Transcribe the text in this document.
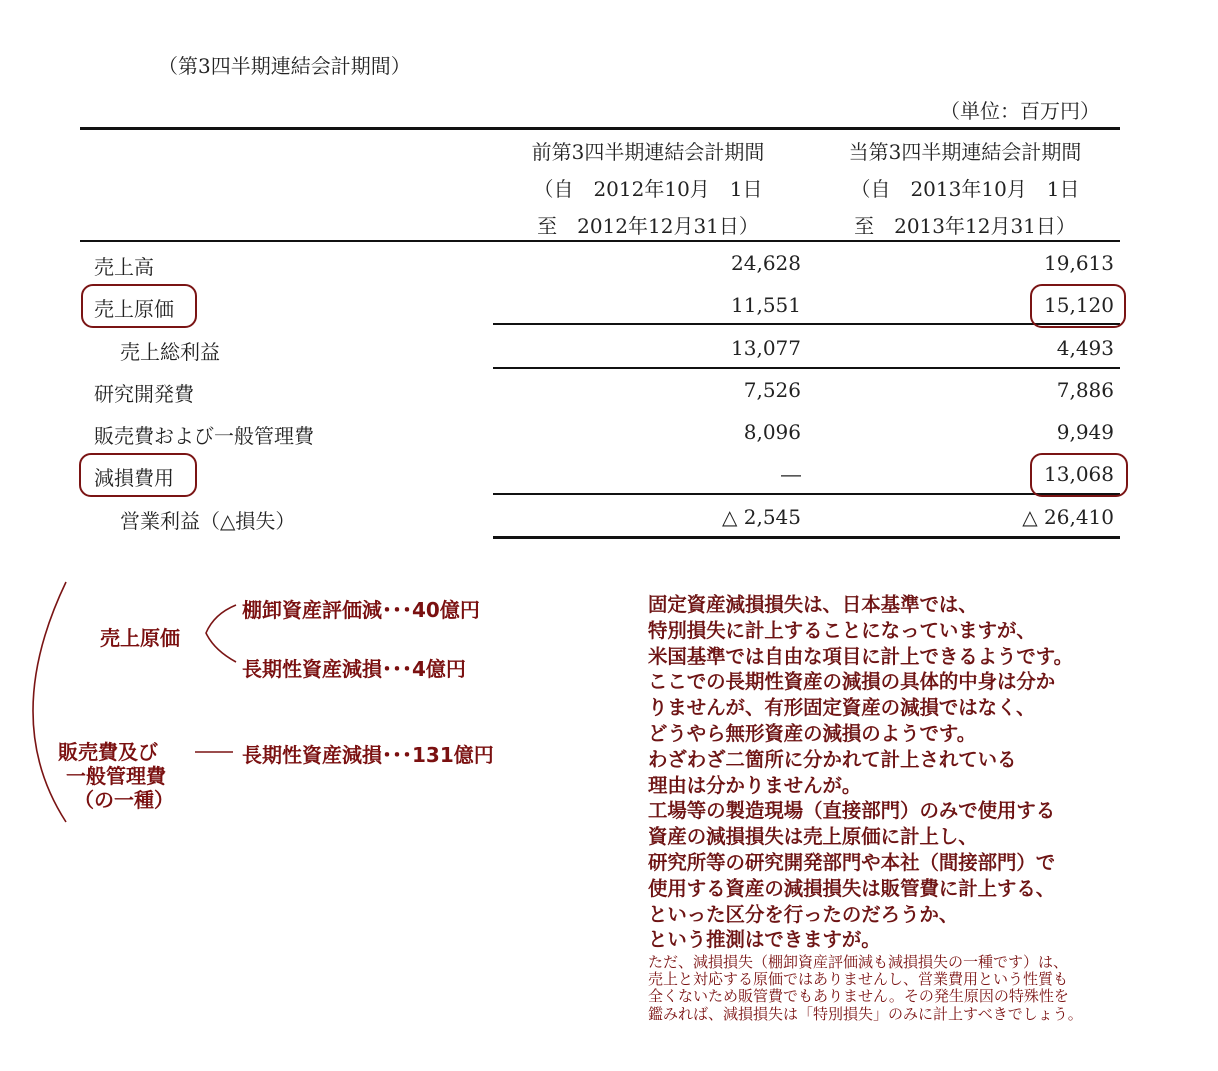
（第3四半期連結会計期間）
（単位：百万円）
前第3四半期連結会計期間
（自　2012年10月　1日
至　2012年12月31日）
当第3四半期連結会計期間
（自　2013年10月　1日
至　2013年12月31日）
売上高	24,628	19,613
売上原価	11,551	15,120
売上総利益	13,077	4,493
研究開発費	7,526	7,886
販売費および一般管理費	8,096	9,949
減損費用	―	13,068
営業利益（△損失）	△ 2,545	△ 26,410
売上原価
棚卸資産評価減･･･40億円
長期性資産減損･･･4億円
販売費及び
一般管理費
（の一種）
長期性資産減損･･･131億円
固定資産減損損失は、日本基準では、
特別損失に計上することになっていますが、
米国基準では自由な項目に計上できるようです。
ここでの長期性資産の減損の具体的中身は分か
りませんが、有形固定資産の減損ではなく、
どうやら無形資産の減損のようです。
わざわざ二箇所に分かれて計上されている
理由は分かりませんが。
工場等の製造現場（直接部門）のみで使用する
資産の減損損失は売上原価に計上し、
研究所等の研究開発部門や本社（間接部門）で
使用する資産の減損損失は販管費に計上する、
といった区分を行ったのだろうか、
という推測はできますが。
ただ、減損損失（棚卸資産評価減も減損損失の一種です）は、
売上と対応する原価ではありませんし、営業費用という性質も
全くないため販管費でもありません。その発生原因の特殊性を
鑑みれば、減損損失は「特別損失」のみに計上すべきでしょう。
